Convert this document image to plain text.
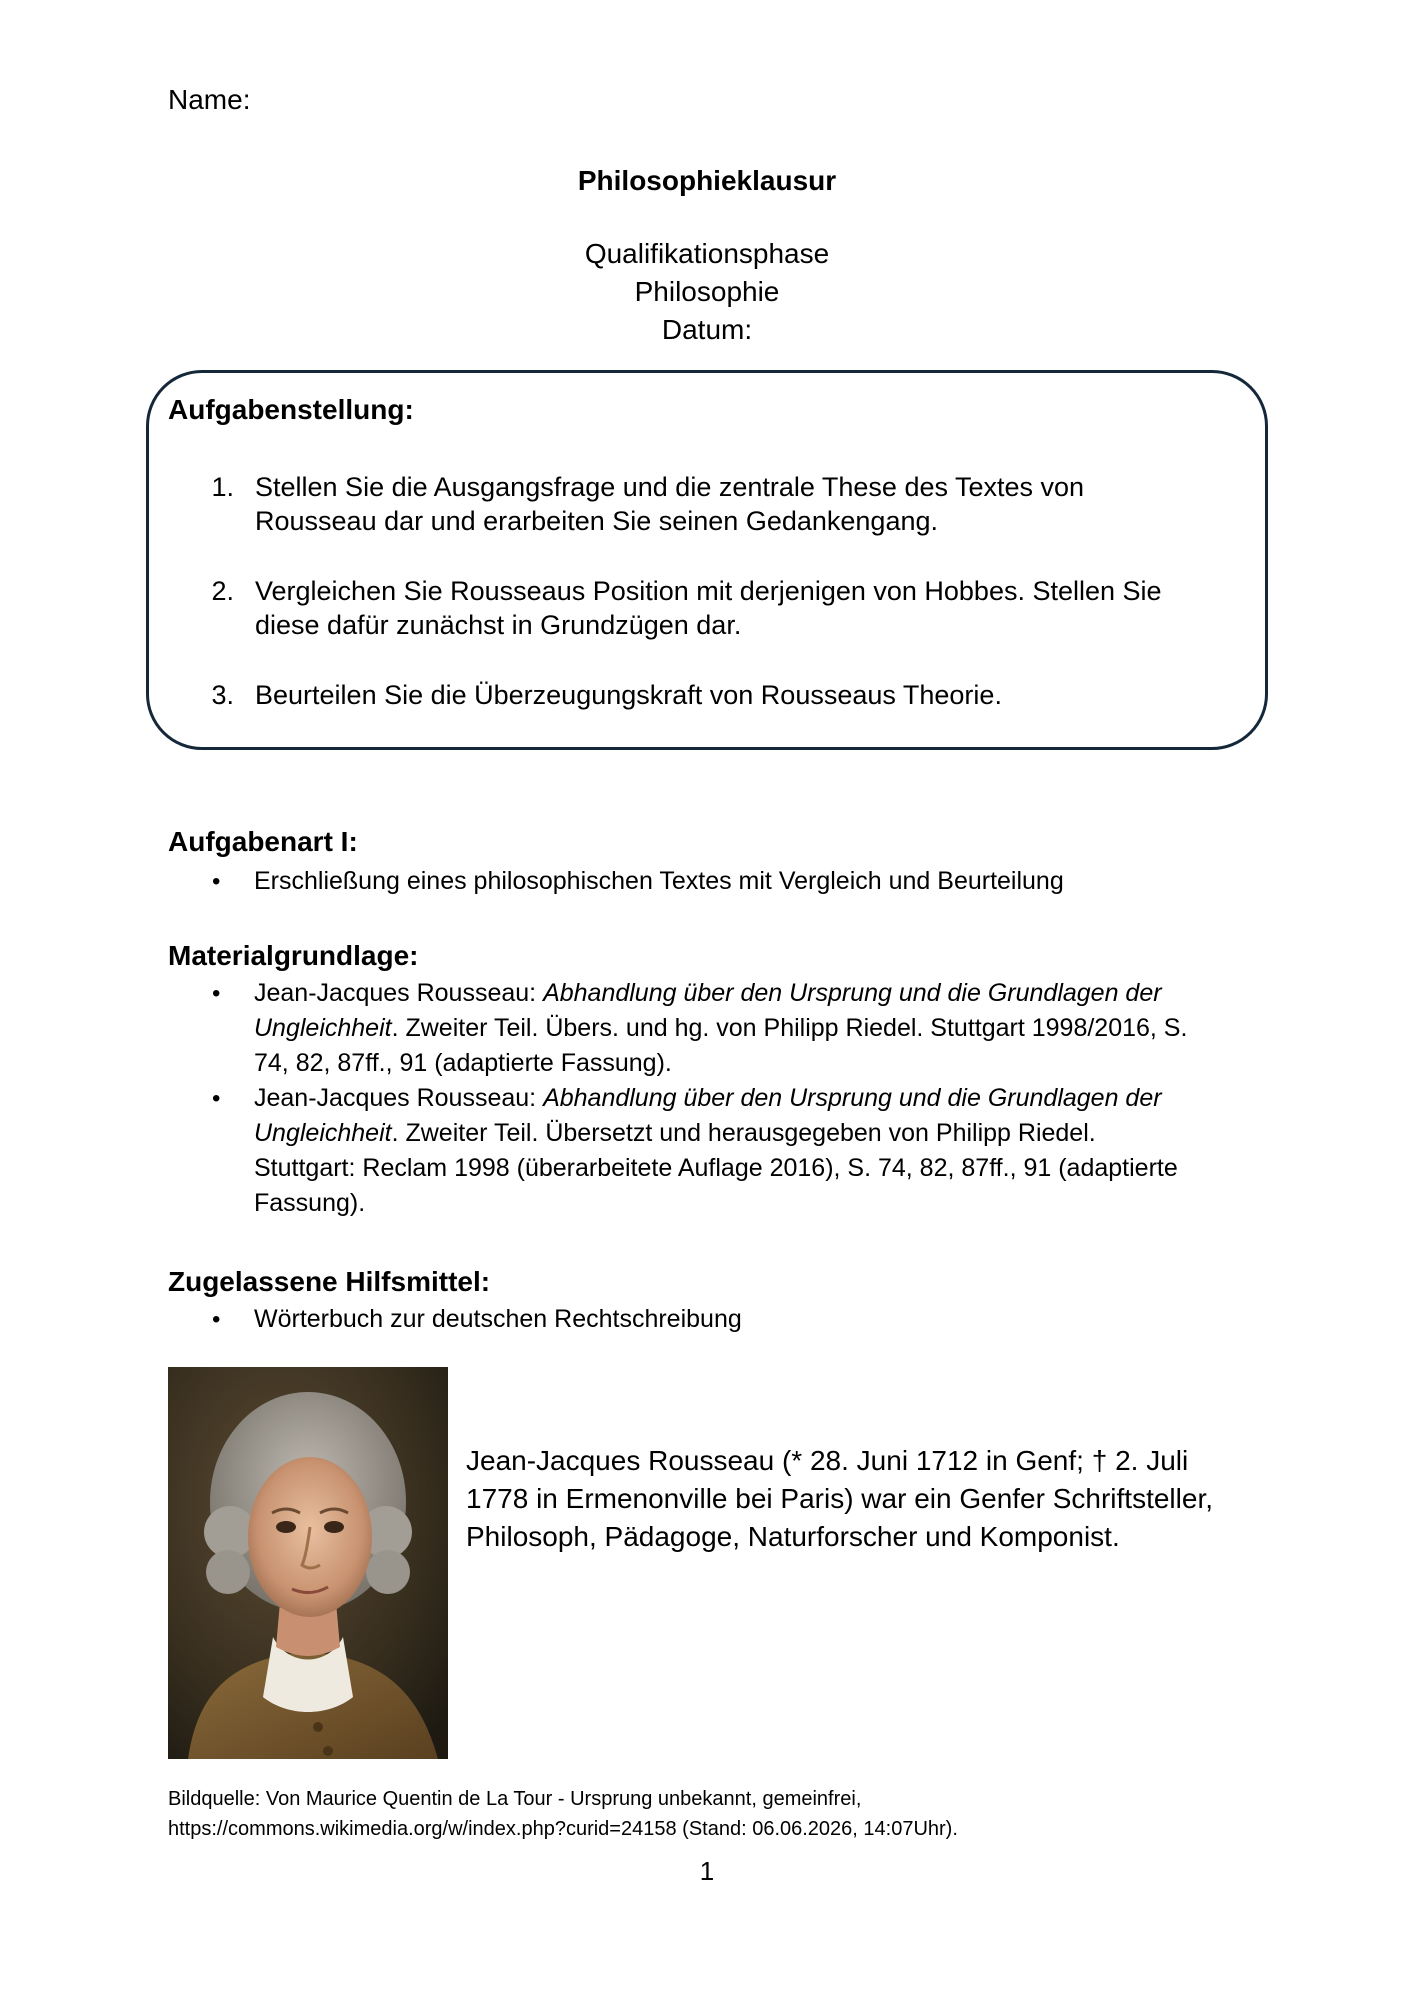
Name:
Philosophieklausur
Qualifikationsphase
Philosophie
Datum:
Aufgabenstellung:
1. Stellen Sie die Ausgangsfrage und die zentrale These des Textes von
Rousseau dar und erarbeiten Sie seinen Gedankengang.
2. Vergleichen Sie Rousseaus Position mit derjenigen von Hobbes. Stellen Sie
diese dafür zunächst in Grundzügen dar.
3. Beurteilen Sie die Überzeugungskraft von Rousseaus Theorie.
Aufgabenart I:
• Erschließung eines philosophischen Textes mit Vergleich und Beurteilung
Materialgrundlage:
• Jean-Jacques Rousseau: Abhandlung über den Ursprung und die Grundlagen der
Ungleichheit. Zweiter Teil. Übers. und hg. von Philipp Riedel. Stuttgart 1998/2016, S.
74, 82, 87ff., 91 (adaptierte Fassung).
• Jean-Jacques Rousseau: Abhandlung über den Ursprung und die Grundlagen der
Ungleichheit. Zweiter Teil. Übersetzt und herausgegeben von Philipp Riedel.
Stuttgart: Reclam 1998 (überarbeitete Auflage 2016), S. 74, 82, 87ff., 91 (adaptierte
Fassung).
Zugelassene Hilfsmittel:
• Wörterbuch zur deutschen Rechtschreibung
Jean-Jacques Rousseau (* 28. Juni 1712 in Genf; † 2. Juli
1778 in Ermenonville bei Paris) war ein Genfer Schriftsteller,
Philosoph, Pädagoge, Naturforscher und Komponist.
Bildquelle: Von Maurice Quentin de La Tour - Ursprung unbekannt, gemeinfrei,
https://commons.wikimedia.org/w/index.php?curid=24158 (Stand: 06.06.2026, 14:07Uhr).
1
